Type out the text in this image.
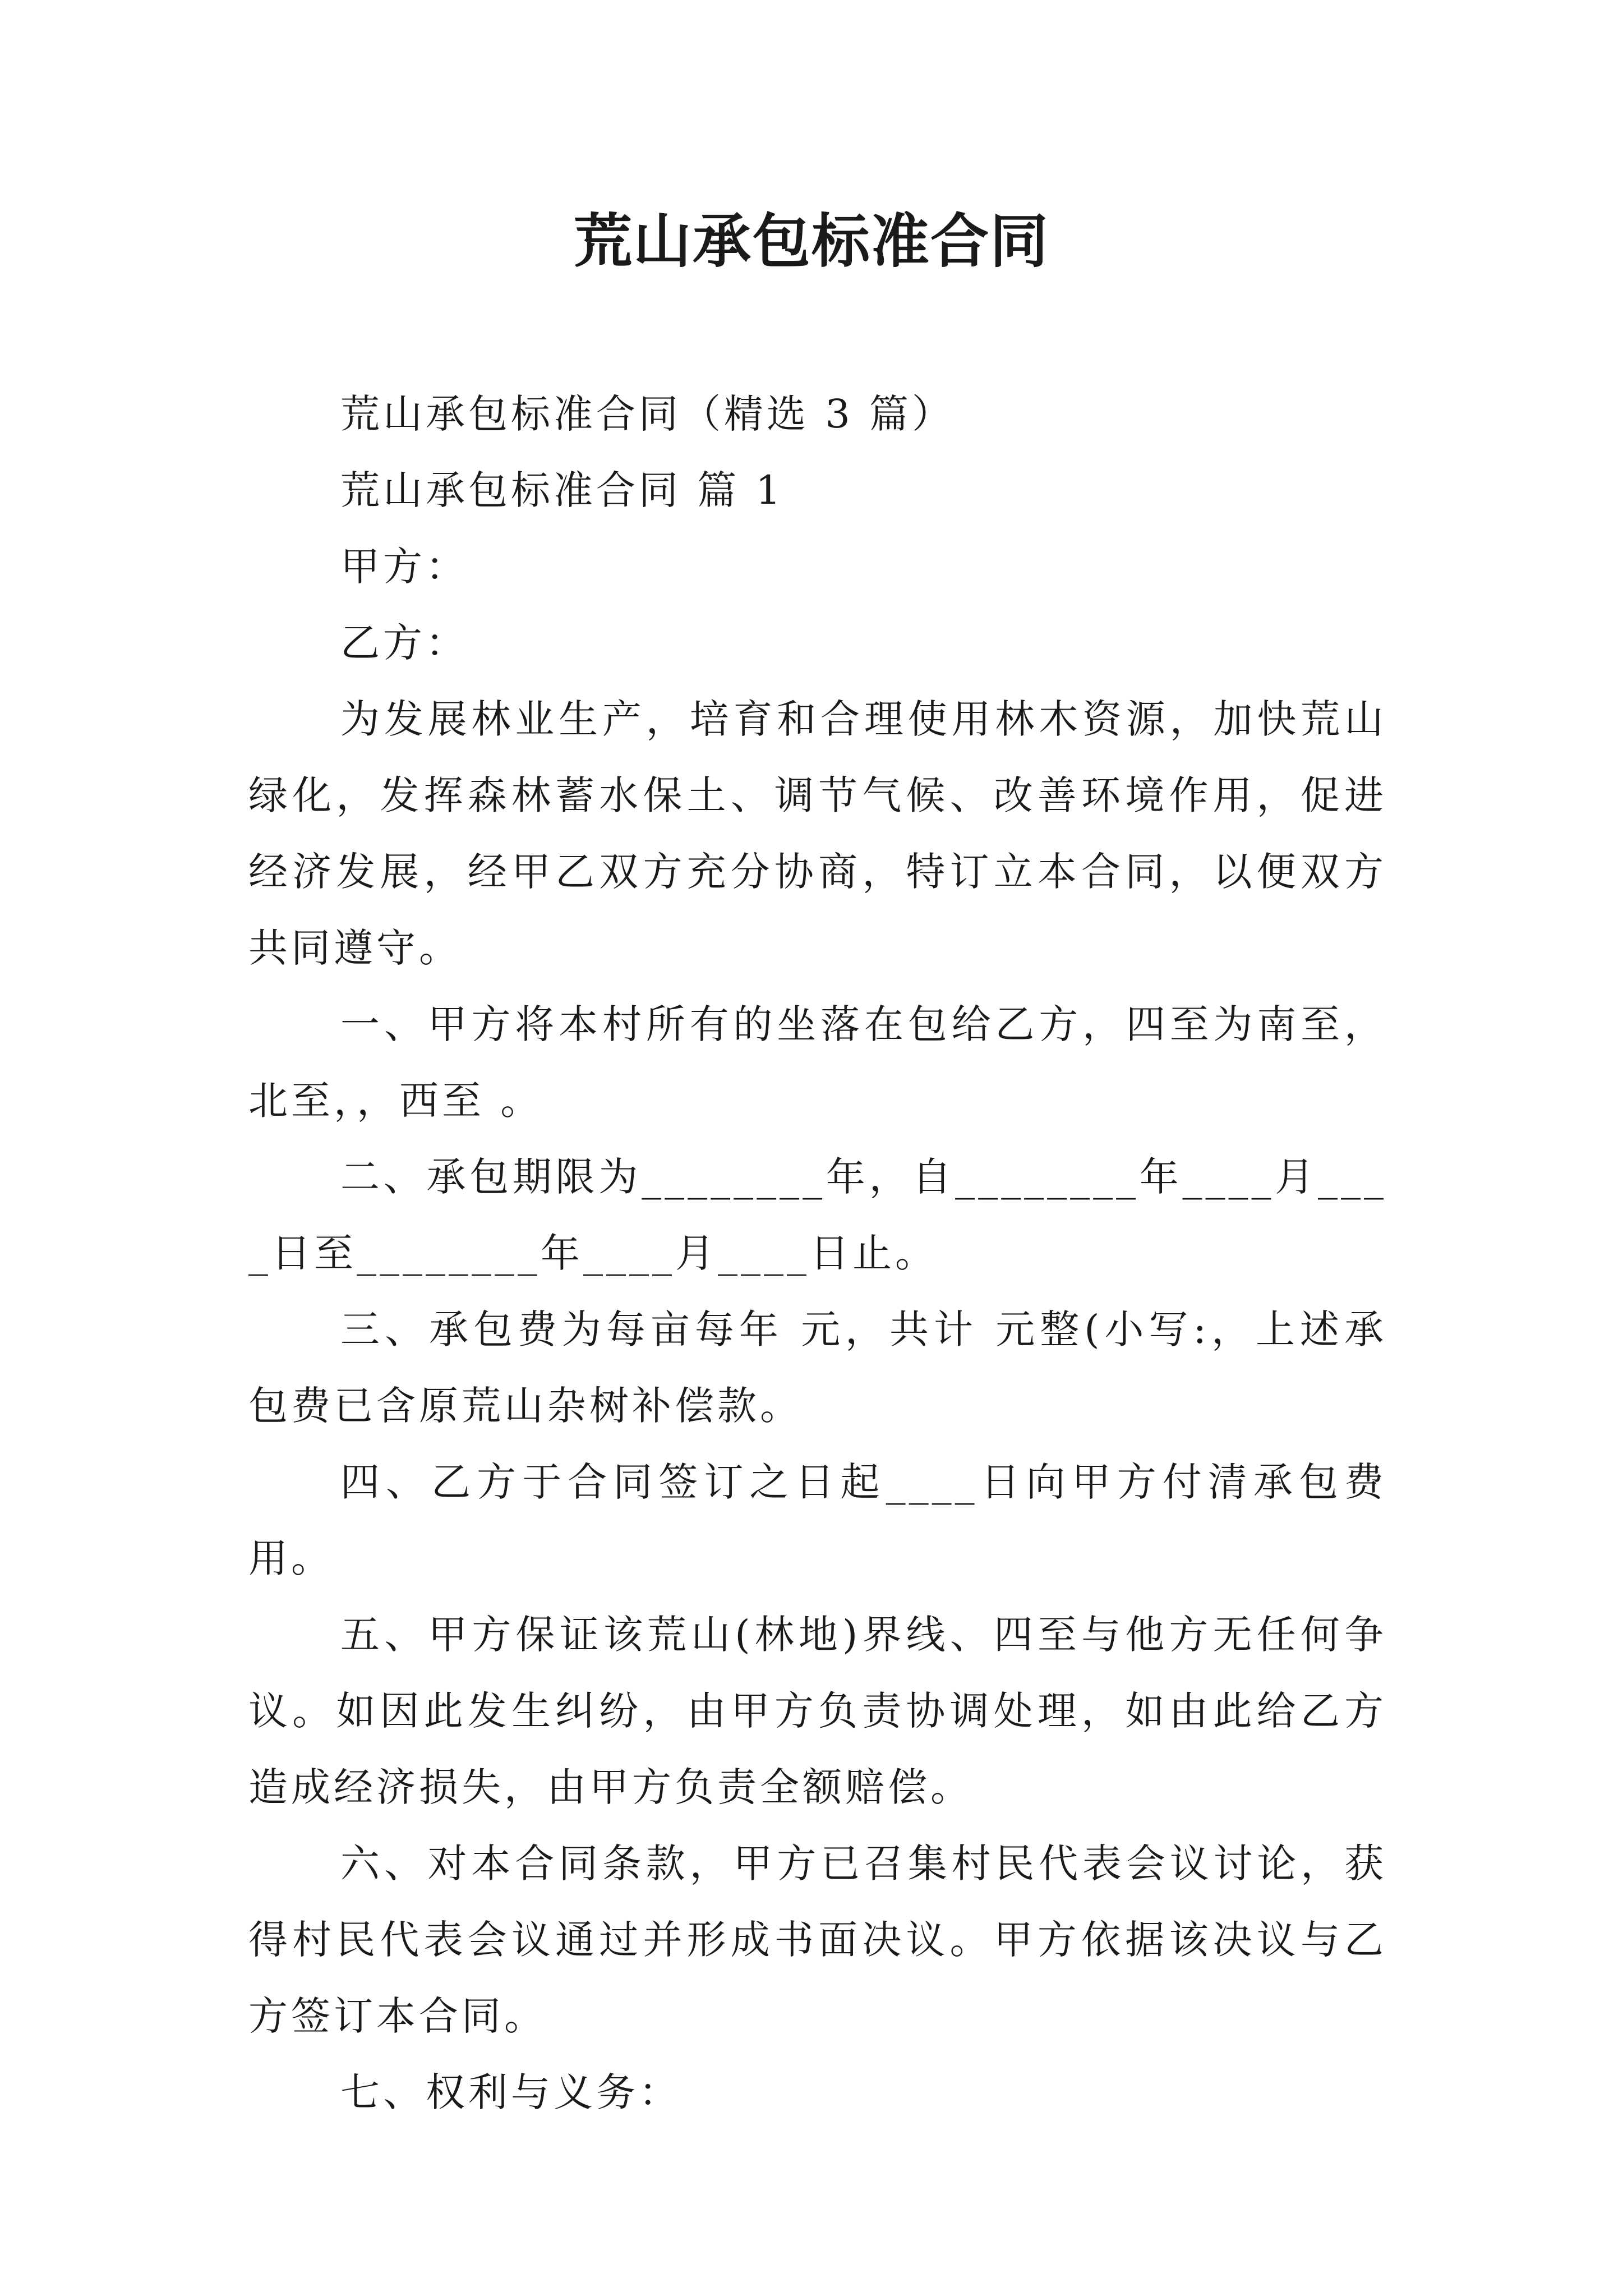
荒山承包标准合同

荒山承包标准合同（精选 3 篇）

荒山承包标准合同 篇 1

甲方：

乙方：

为发展林业生产，培育和合理使用林木资源，加快荒山绿化，发挥森林蓄水保土、调节气候、改善环境作用，促进经济发展，经甲乙双方充分协商，特订立本合同，以便双方共同遵守。

一、甲方将本村所有的坐落在包给乙方，四至为南至，北至，，西至 。

二、承包期限为________年，自________年____月____日至________年____月____日止。

三、承包费为每亩每年 元，共计 元整(小写:，上述承包费已含原荒山杂树补偿款。

四、乙方于合同签订之日起____日向甲方付清承包费用。

五、甲方保证该荒山(林地)界线、四至与他方无任何争议。如因此发生纠纷，由甲方负责协调处理，如由此给乙方造成经济损失，由甲方负责全额赔偿。

六、对本合同条款，甲方已召集村民代表会议讨论，获得村民代表会议通过并形成书面决议。甲方依据该决议与乙方签订本合同。

七、权利与义务：
